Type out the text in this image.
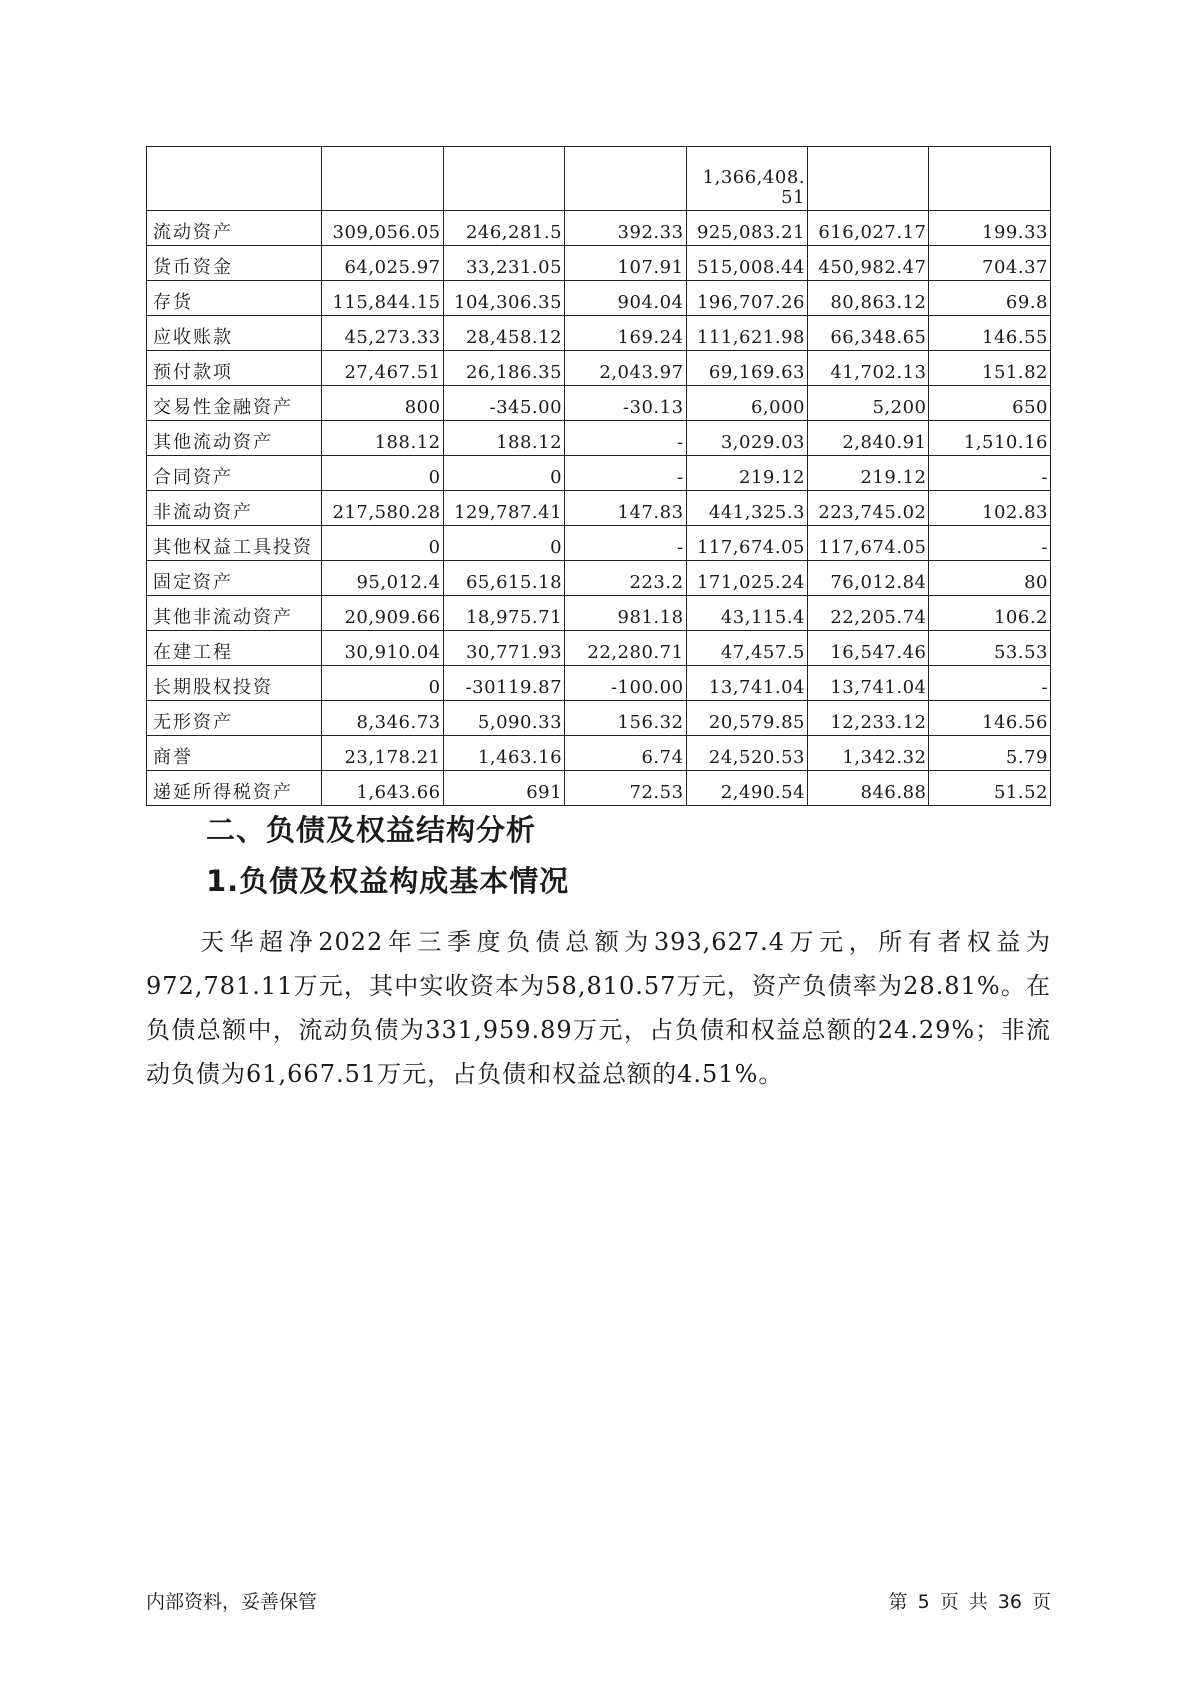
				1,366,408.51		
流动资产	309,056.05	246,281.5	392.33	925,083.21	616,027.17	199.33
货币资金	64,025.97	33,231.05	107.91	515,008.44	450,982.47	704.37
存货	115,844.15	104,306.35	904.04	196,707.26	80,863.12	69.8
应收账款	45,273.33	28,458.12	169.24	111,621.98	66,348.65	146.55
预付款项	27,467.51	26,186.35	2,043.97	69,169.63	41,702.13	151.82
交易性金融资产	800	-345.00	-30.13	6,000	5,200	650
其他流动资产	188.12	188.12	-	3,029.03	2,840.91	1,510.16
合同资产	0	0	-	219.12	219.12	-
非流动资产	217,580.28	129,787.41	147.83	441,325.3	223,745.02	102.83
其他权益工具投资	0	0	-	117,674.05	117,674.05	-
固定资产	95,012.4	65,615.18	223.2	171,025.24	76,012.84	80
其他非流动资产	20,909.66	18,975.71	981.18	43,115.4	22,205.74	106.2
在建工程	30,910.04	30,771.93	22,280.71	47,457.5	16,547.46	53.53
长期股权投资	0	-30119.87	-100.00	13,741.04	13,741.04	-
无形资产	8,346.73	5,090.33	156.32	20,579.85	12,233.12	146.56
商誉	23,178.21	1,463.16	6.74	24,520.53	1,342.32	5.79
递延所得税资产	1,643.66	691	72.53	2,490.54	846.88	51.52
二、负债及权益结构分析
1.负债及权益构成基本情况
天华超净2022年三季度负债总额为393,627.4万元，所有者权益为972,781.11万元，其中实收资本为58,810.57万元，资产负债率为28.81%。在负债总额中，流动负债为331,959.89万元，占负债和权益总额的24.29%；非流动负债为61,667.51万元，占负债和权益总额的4.51%。
内部资料，妥善保管	第 5 页 共 36 页
